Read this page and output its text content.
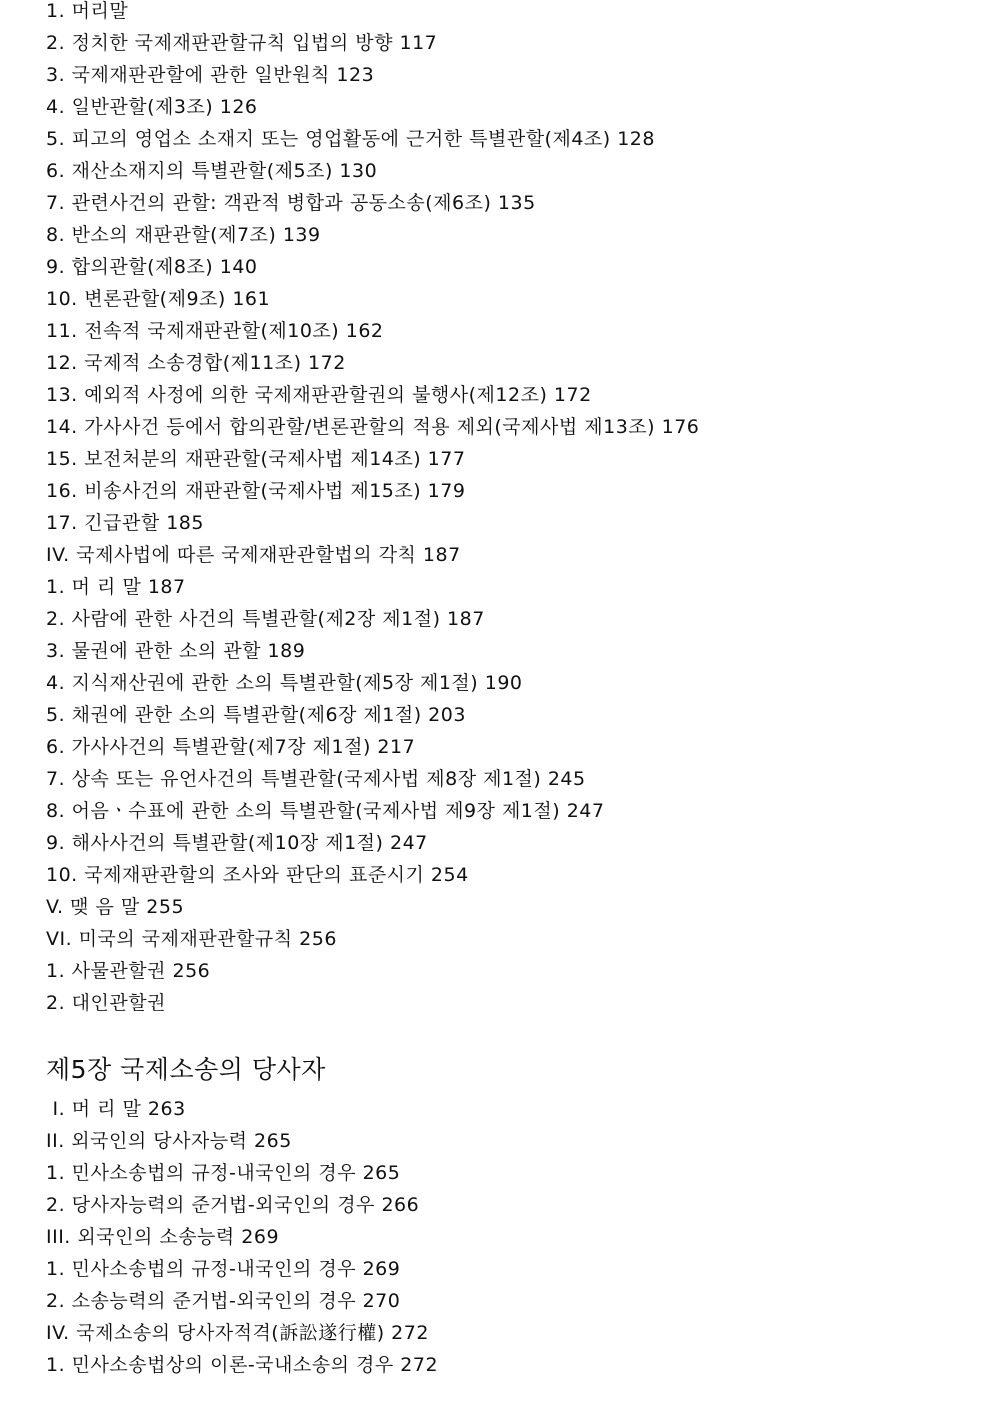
1. 머리말
2. 정치한 국제재판관할규칙 입법의 방향 117
3. 국제재판관할에 관한 일반원칙 123
4. 일반관할(제3조) 126
5. 피고의 영업소 소재지 또는 영업활동에 근거한 특별관할(제4조) 128
6. 재산소재지의 특별관할(제5조) 130
7. 관련사건의 관할: 객관적 병합과 공동소송(제6조) 135
8. 반소의 재판관할(제7조) 139
9. 합의관할(제8조) 140
10. 변론관할(제9조) 161
11. 전속적 국제재판관할(제10조) 162
12. 국제적 소송경합(제11조) 172
13. 예외적 사정에 의한 국제재판관할권의 불행사(제12조) 172
14. 가사사건 등에서 합의관할/변론관할의 적용 제외(국제사법 제13조) 176
15. 보전처분의 재판관할(국제사법 제14조) 177
16. 비송사건의 재판관할(국제사법 제15조) 179
17. 긴급관할 185
IV. 국제사법에 따른 국제재판관할법의 각칙 187
1. 머 리 말 187
2. 사람에 관한 사건의 특별관할(제2장 제1절) 187
3. 물권에 관한 소의 관할 189
4. 지식재산권에 관한 소의 특별관할(제5장 제1절) 190
5. 채권에 관한 소의 특별관할(제6장 제1절) 203
6. 가사사건의 특별관할(제7장 제1절) 217
7. 상속 또는 유언사건의 특별관할(국제사법 제8장 제1절) 245
8. 어음ㆍ수표에 관한 소의 특별관할(국제사법 제9장 제1절) 247
9. 해사사건의 특별관할(제10장 제1절) 247
10. 국제재판관할의 조사와 판단의 표준시기 254
V. 맺 음 말 255
VI. 미국의 국제재판관할규칙 256
1. 사물관할권 256
2. 대인관할권
제5장 국제소송의 당사자
I. 머 리 말 263
II. 외국인의 당사자능력 265
1. 민사소송법의 규정-내국인의 경우 265
2. 당사자능력의 준거법-외국인의 경우 266
III. 외국인의 소송능력 269
1. 민사소송법의 규정-내국인의 경우 269
2. 소송능력의 준거법-외국인의 경우 270
IV. 국제소송의 당사자적격(訴訟遂行權) 272
1. 민사소송법상의 이론-국내소송의 경우 272
